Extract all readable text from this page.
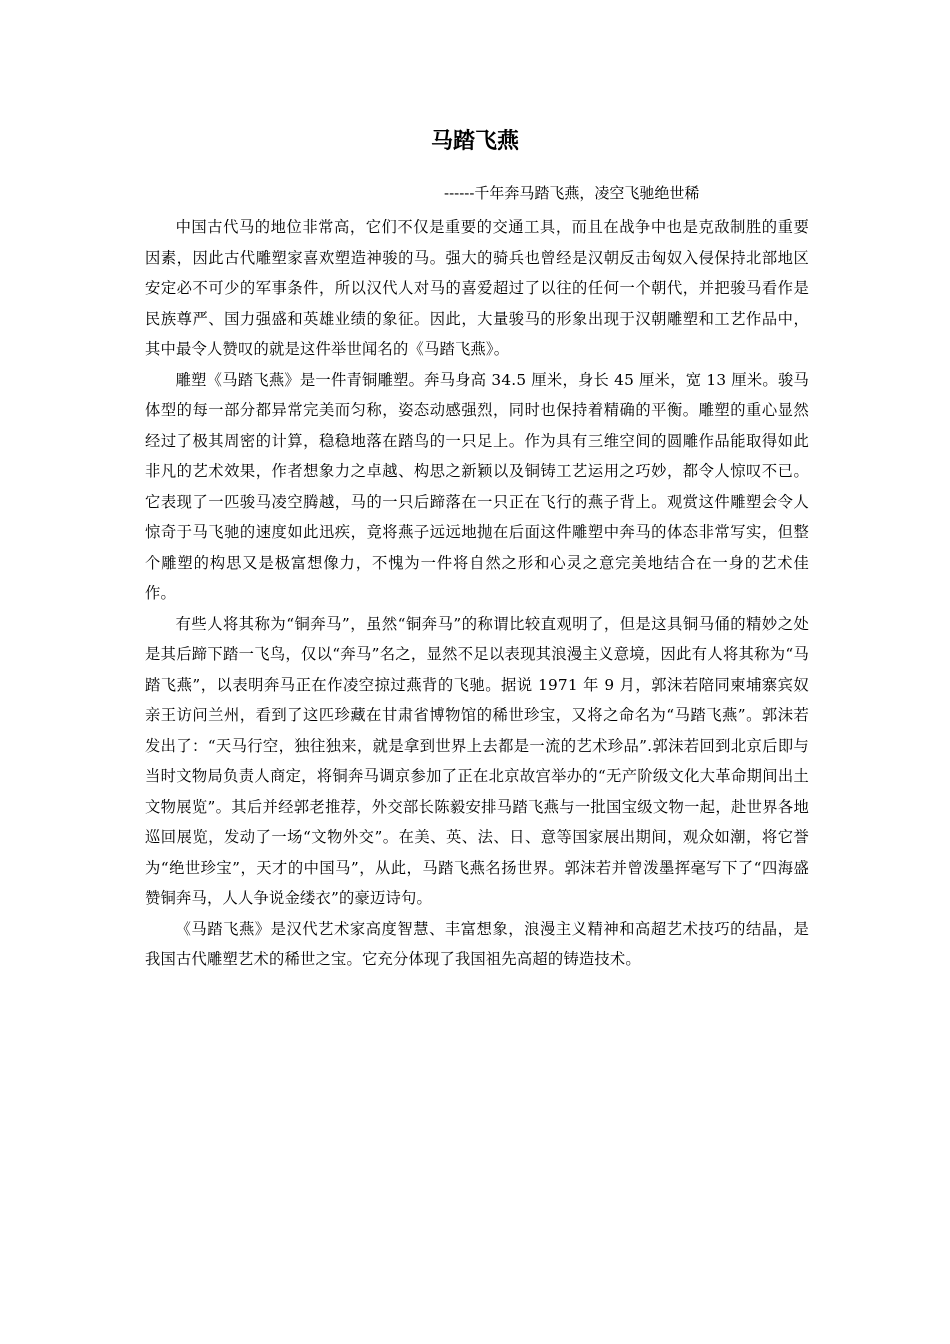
马踏飞燕

------千年奔马踏飞燕，凌空飞驰绝世稀

中国古代马的地位非常高，它们不仅是重要的交通工具，而且在战争中也是克敌制胜的重要因素，因此古代雕塑家喜欢塑造神骏的马。强大的骑兵也曾经是汉朝反击匈奴入侵保持北部地区安定必不可少的军事条件，所以汉代人对马的喜爱超过了以往的任何一个朝代，并把骏马看作是民族尊严、国力强盛和英雄业绩的象征。因此，大量骏马的形象出现于汉朝雕塑和工艺作品中，其中最令人赞叹的就是这件举世闻名的《马踏飞燕》。

雕塑《马踏飞燕》是一件青铜雕塑。奔马身高 34.5 厘米，身长 45 厘米，宽 13 厘米。骏马体型的每一部分都异常完美而匀称，姿态动感强烈，同时也保持着精确的平衡。雕塑的重心显然经过了极其周密的计算，稳稳地落在踏鸟的一只足上。作为具有三维空间的圆雕作品能取得如此非凡的艺术效果，作者想象力之卓越、构思之新颖以及铜铸工艺运用之巧妙，都令人惊叹不已。它表现了一匹骏马凌空腾越，马的一只后蹄落在一只正在飞行的燕子背上。观赏这件雕塑会令人惊奇于马飞驰的速度如此迅疾，竟将燕子远远地抛在后面这件雕塑中奔马的体态非常写实，但整个雕塑的构思又是极富想像力，不愧为一件将自然之形和心灵之意完美地结合在一身的艺术佳作。

有些人将其称为“铜奔马”，虽然“铜奔马”的称谓比较直观明了，但是这具铜马俑的精妙之处是其后蹄下踏一飞鸟，仅以“奔马”名之，显然不足以表现其浪漫主义意境，因此有人将其称为“马踏飞燕”，以表明奔马正在作凌空掠过燕背的飞驰。据说 1971 年 9 月，郭沫若陪同柬埔寨宾奴亲王访问兰州，看到了这匹珍藏在甘肃省博物馆的稀世珍宝，又将之命名为“马踏飞燕”。郭沫若发出了：“天马行空，独往独来，就是拿到世界上去都是一流的艺术珍品”.郭沫若回到北京后即与当时文物局负责人商定，将铜奔马调京参加了正在北京故宫举办的“无产阶级文化大革命期间出土文物展览”。其后并经郭老推荐，外交部长陈毅安排马踏飞燕与一批国宝级文物一起，赴世界各地巡回展览，发动了一场“文物外交”。在美、英、法、日、意等国家展出期间，观众如潮，将它誉为“绝世珍宝”，天才的中国马”，从此，马踏飞燕名扬世界。郭沫若并曾泼墨挥毫写下了“四海盛赞铜奔马，人人争说金缕衣”的豪迈诗句。

《马踏飞燕》是汉代艺术家高度智慧、丰富想象，浪漫主义精神和高超艺术技巧的结晶，是我国古代雕塑艺术的稀世之宝。它充分体现了我国祖先高超的铸造技术。
